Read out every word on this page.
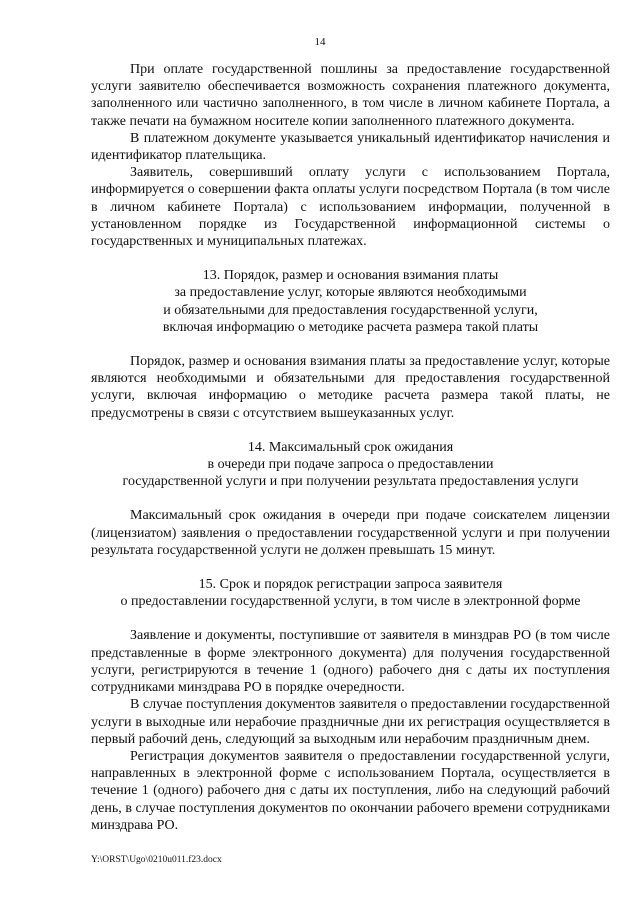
14

При оплате государственной пошлины за предоставление государственной услуги заявителю обеспечивается возможность сохранения платежного документа, заполненного или частично заполненного, в том числе в личном кабинете Портала, а также печати на бумажном носителе копии заполненного платежного документа.

В платежном документе указывается уникальный идентификатор начисления и идентификатор плательщика.

Заявитель, совершивший оплату услуги с использованием Портала, информируется о совершении факта оплаты услуги посредством Портала (в том числе в личном кабинете Портала) с использованием информации, полученной в установленном порядке из Государственной информационной системы о государственных и муниципальных платежах.

13. Порядок, размер и основания взимания платы
за предоставление услуг, которые являются необходимыми
и обязательными для предоставления государственной услуги,
включая информацию о методике расчета размера такой платы

Порядок, размер и основания взимания платы за предоставление услуг, которые являются необходимыми и обязательными для предоставления государственной услуги, включая информацию о методике расчета размера такой платы, не предусмотрены в связи с отсутствием вышеуказанных услуг.

14. Максимальный срок ожидания
в очереди при подаче запроса о предоставлении
государственной услуги и при получении результата предоставления услуги

Максимальный срок ожидания в очереди при подаче соискателем лицензии (лицензиатом) заявления о предоставлении государственной услуги и при получении результата государственной услуги не должен превышать 15 минут.

15. Срок и порядок регистрации запроса заявителя
о предоставлении государственной услуги, в том числе в электронной форме

Заявление и документы, поступившие от заявителя в минздрав РО (в том числе представленные в форме электронного документа) для получения государственной услуги, регистрируются в течение 1 (одного) рабочего дня с даты их поступления сотрудниками минздрава РО в порядке очередности.

В случае поступления документов заявителя о предоставлении государственной услуги в выходные или нерабочие праздничные дни их регистрация осуществляется в первый рабочий день, следующий за выходным или нерабочим праздничным днем.

Регистрация документов заявителя о предоставлении государственной услуги, направленных в электронной форме с использованием Портала, осуществляется в течение 1 (одного) рабочего дня с даты их поступления, либо на следующий рабочий день, в случае поступления документов по окончании рабочего времени сотрудниками минздрава РО.

Y:\ORST\Ugo\0210u011.f23.docx
